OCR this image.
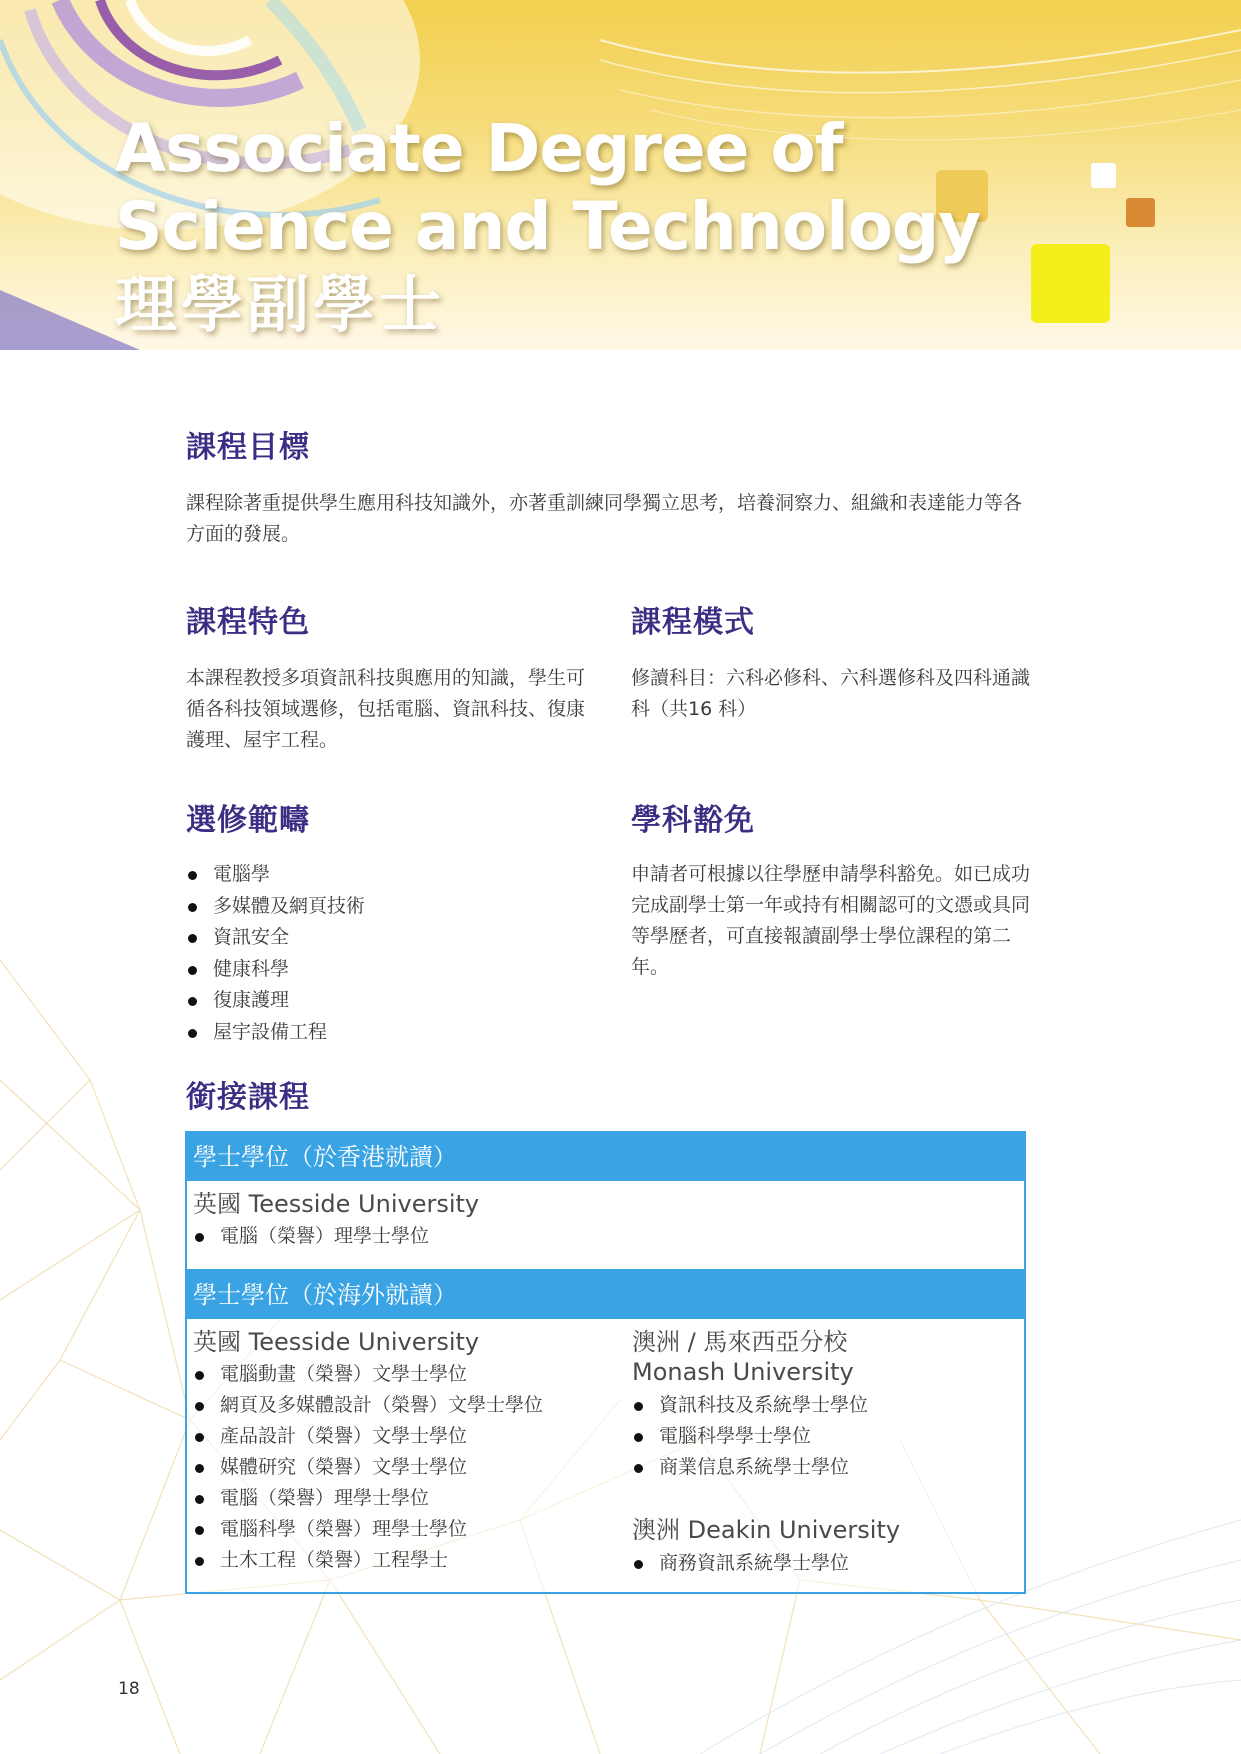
Associate Degree of
Science and Technology
理學副學士
課程目標

課程除著重提供學生應用科技知識外，亦著重訓練同學獨立思考，培養洞察力、組織和表達能力等各方面的發展。

課程特色

本課程教授多項資訊科技與應用的知識，學生可循各科技領域選修，包括電腦、資訊科技、復康護理、屋宇工程。

課程模式

修讀科目：六科必修科、六科選修科及四科通識科（共16 科）

選修範疇
電腦學
多媒體及網頁技術
資訊安全
健康科學
復康護理
屋宇設備工程
學科豁免

申請者可根據以往學歷申請學科豁免。如已成功完成副學士第一年或持有相關認可的文憑或具同等學歷者，可直接報讀副學士學位課程的第二年。

銜接課程
學士學位（於香港就讀）
英國 Teesside University
電腦（榮譽）理學士學位
學士學位（於海外就讀）
英國 Teesside University
電腦動畫（榮譽）文學士學位
網頁及多媒體設計（榮譽）文學士學位
產品設計（榮譽）文學士學位
媒體研究（榮譽）文學士學位
電腦（榮譽）理學士學位
電腦科學（榮譽）理學士學位
土木工程（榮譽）工程學士
澳洲 / 馬來西亞分校
Monash University
資訊科技及系統學士學位
電腦科學學士學位
商業信息系統學士學位
澳洲 Deakin University
商務資訊系統學士學位
18
